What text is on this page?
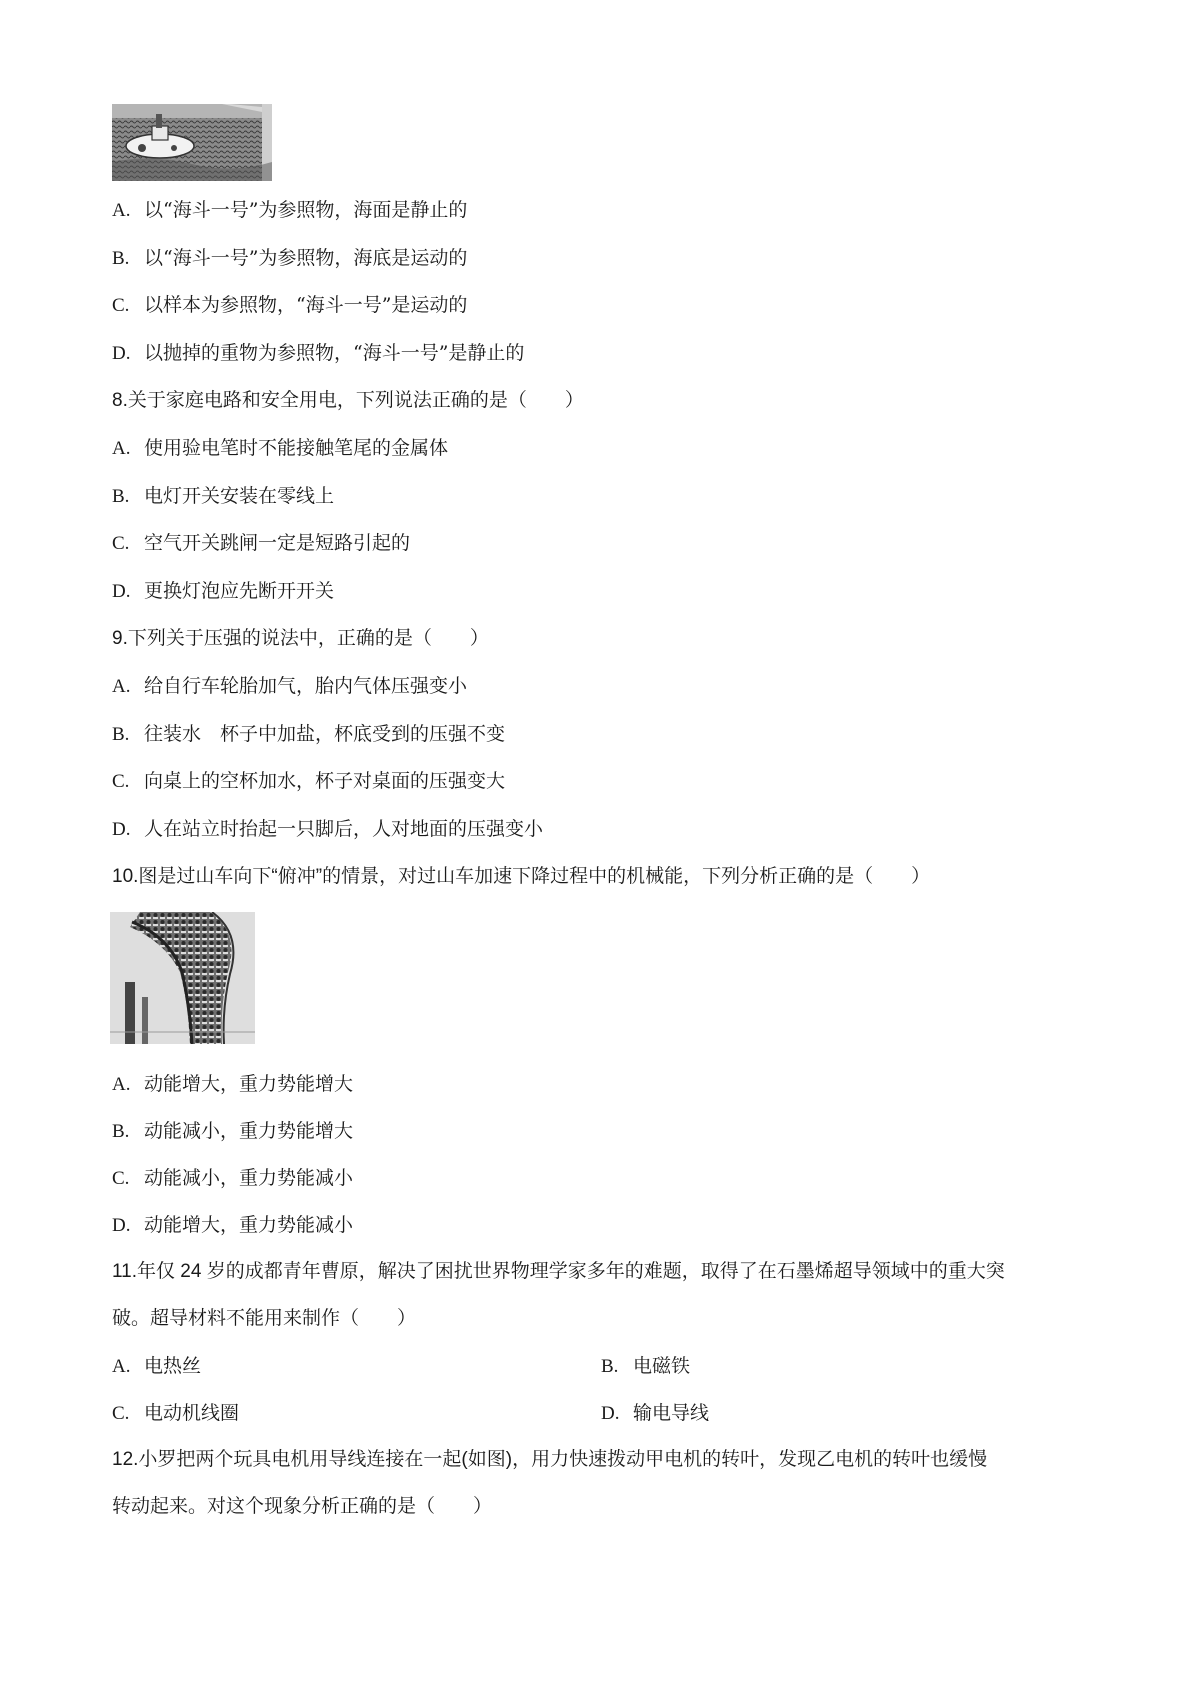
A. 以“海斗一号”为参照物，海面是静止的
B. 以“海斗一号”为参照物，海底是运动的
C. 以样本为参照物，“海斗一号”是运动的
D. 以抛掉的重物为参照物，“海斗一号”是静止的
8.关于家庭电路和安全用电，下列说法正确的是（　　）
A. 使用验电笔时不能接触笔尾的金属体
B. 电灯开关安装在零线上
C. 空气开关跳闸一定是短路引起的
D. 更换灯泡应先断开开关
9.下列关于压强的说法中，正确的是（　　）
A. 给自行车轮胎加气，胎内气体压强变小
B. 往装水　杯子中加盐，杯底受到的压强不变
C. 向桌上的空杯加水，杯子对桌面的压强变大
D. 人在站立时抬起一只脚后，人对地面的压强变小
10.图是过山车向下“俯冲”的情景，对过山车加速下降过程中的机械能，下列分析正确的是（　　）
A. 动能增大，重力势能增大
B. 动能减小，重力势能增大
C. 动能减小，重力势能减小
D. 动能增大，重力势能减小
11.年仅 24 岁的成都青年曹原，解决了困扰世界物理学家多年的难题，取得了在石墨烯超导领域中的重大突
破。超导材料不能用来制作（　　）
A. 电热丝	B. 电磁铁
C. 电动机线圈	D. 输电导线
12.小罗把两个玩具电机用导线连接在一起(如图)，用力快速拨动甲电机的转叶，发现乙电机的转叶也缓慢
转动起来。对这个现象分析正确的是（　　）
